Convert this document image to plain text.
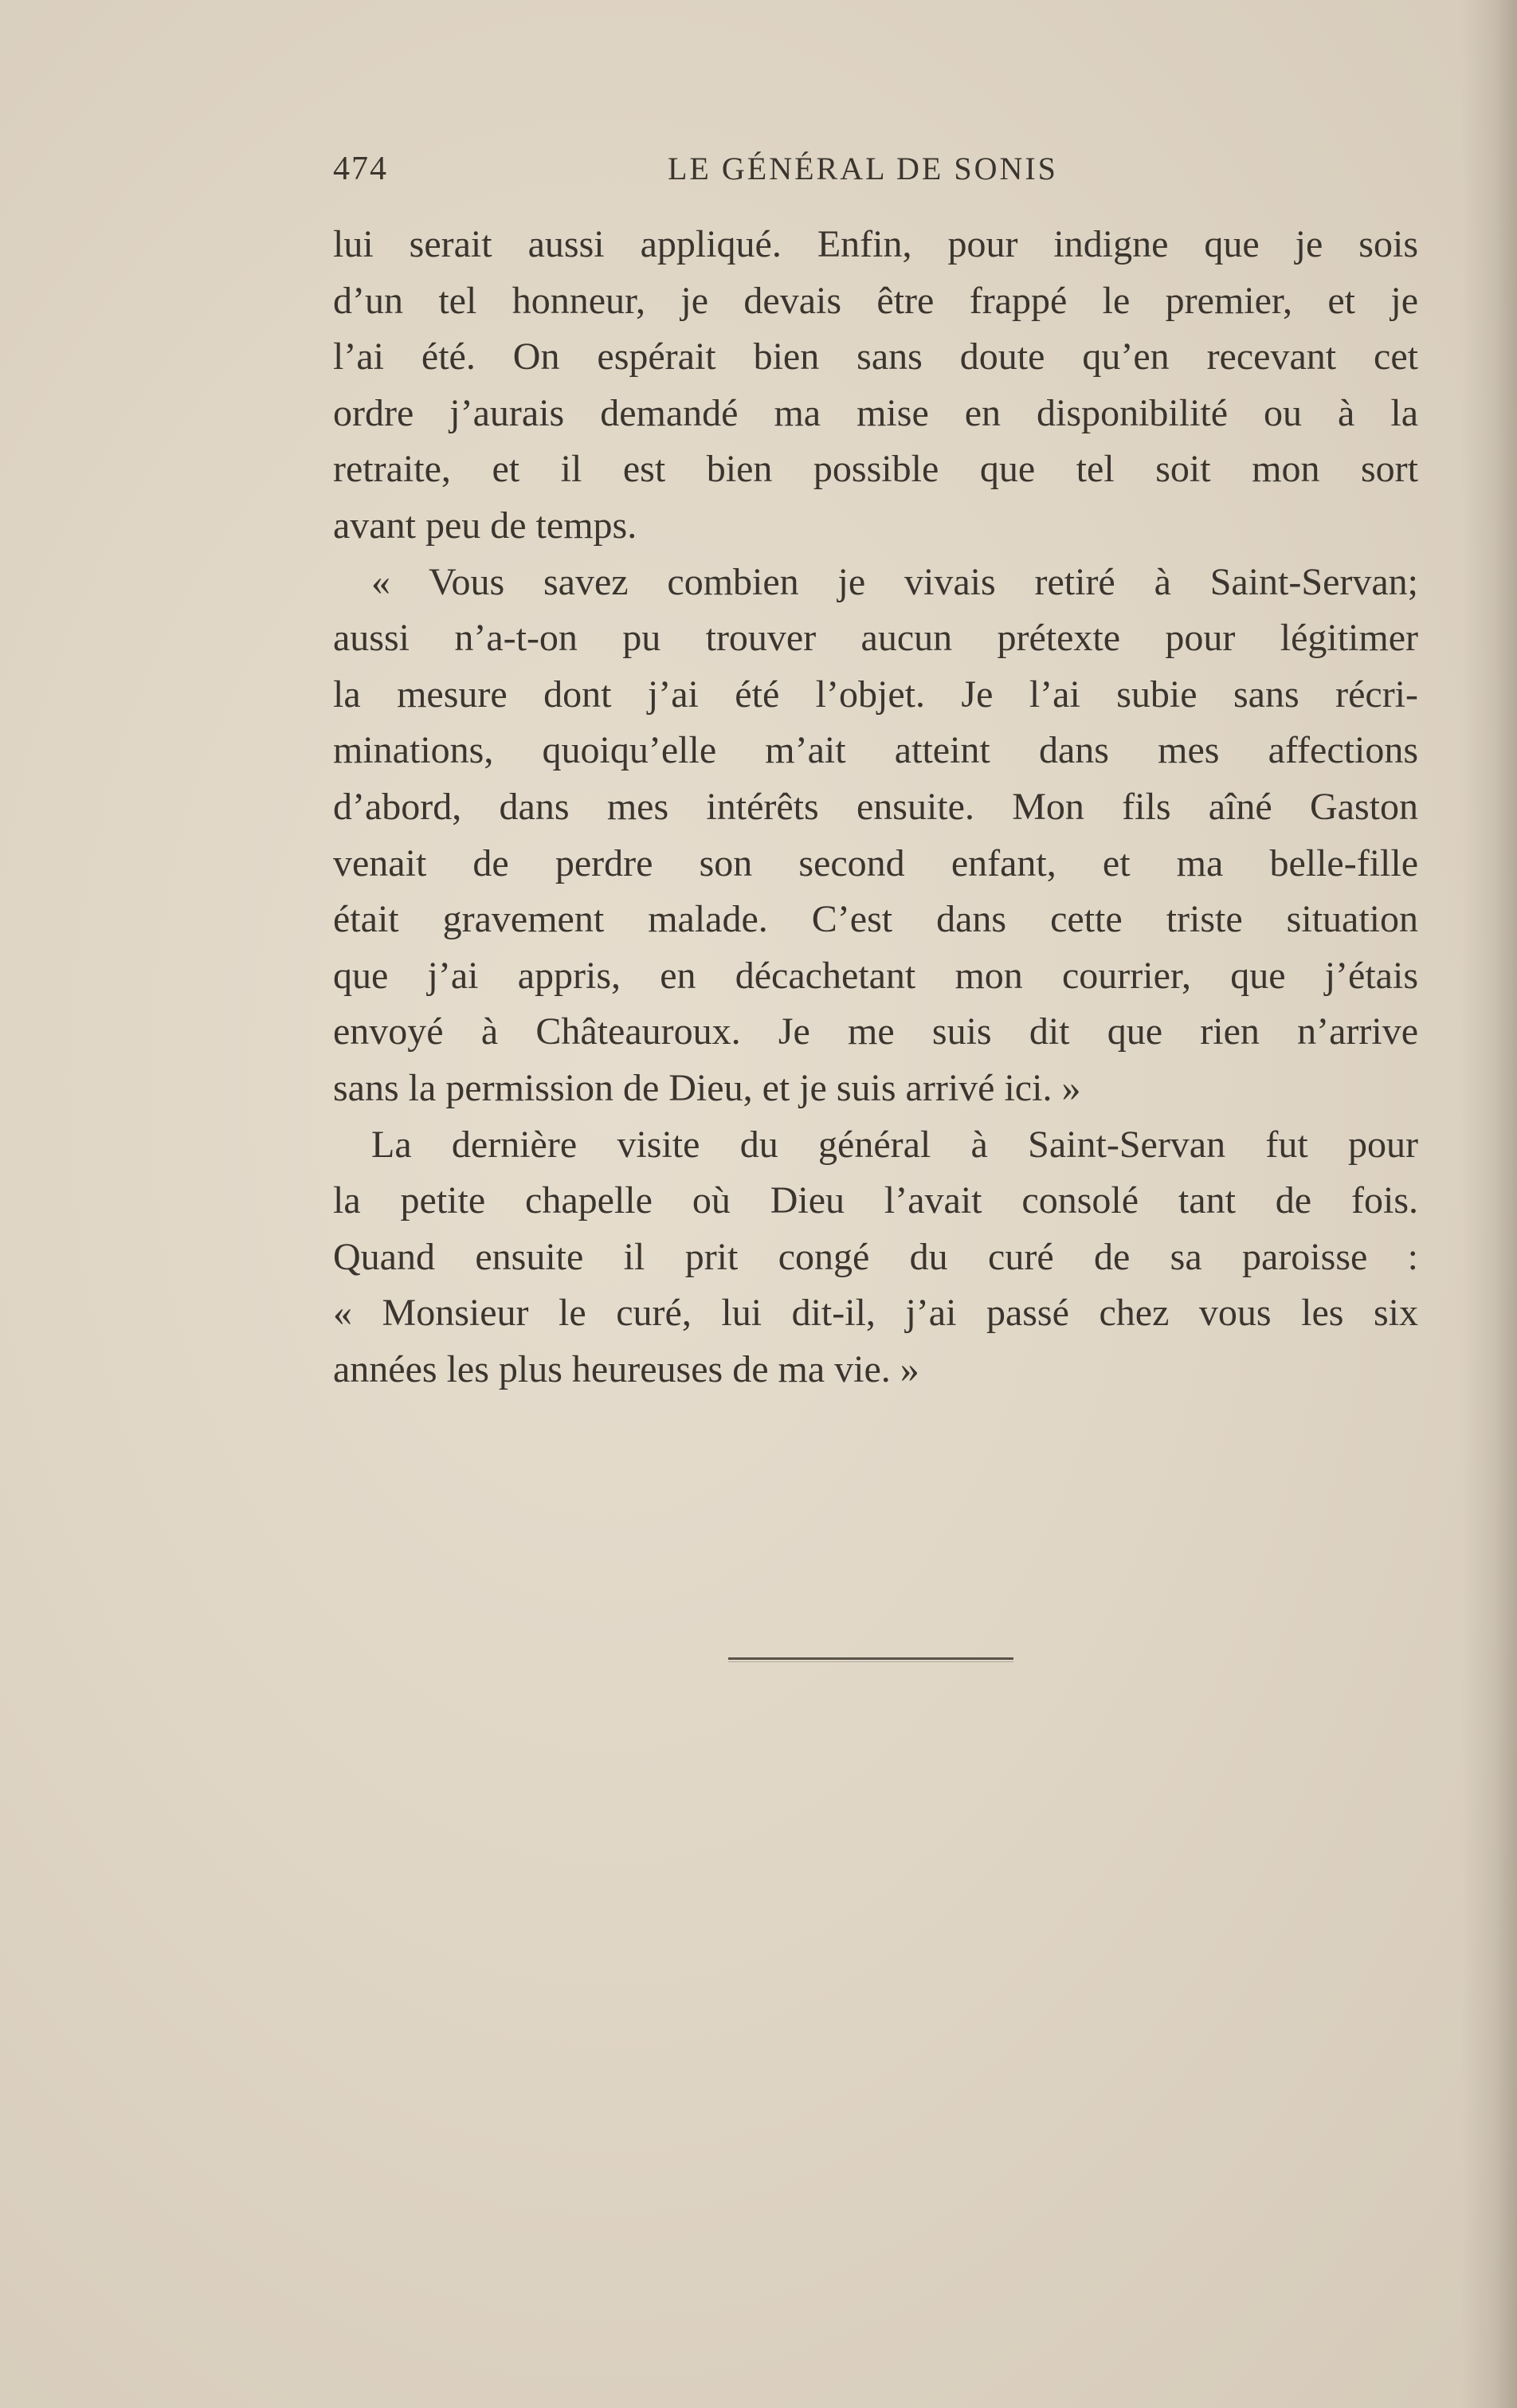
474	LE GÉNÉRAL DE SONIS
lui serait aussi appliqué. Enfin, pour indigne que je sois
d’un tel honneur, je devais être frappé le premier, et je
l’ai été. On espérait bien sans doute qu’en recevant cet
ordre j’aurais demandé ma mise en disponibilité ou à la
retraite, et il est bien possible que tel soit mon sort
avant peu de temps.
« Vous savez combien je vivais retiré à Saint-Servan;
aussi n’a-t-on pu trouver aucun prétexte pour légitimer
la mesure dont j’ai été l’objet. Je l’ai subie sans récri-
minations, quoiqu’elle m’ait atteint dans mes affections
d’abord, dans mes intérêts ensuite. Mon fils aîné Gaston
venait de perdre son second enfant, et ma belle-fille
était gravement malade. C’est dans cette triste situation
que j’ai appris, en décachetant mon courrier, que j’étais
envoyé à Châteauroux. Je me suis dit que rien n’arrive
sans la permission de Dieu, et je suis arrivé ici. »
La dernière visite du général à Saint-Servan fut pour
la petite chapelle où Dieu l’avait consolé tant de fois.
Quand ensuite il prit congé du curé de sa paroisse :
« Monsieur le curé, lui dit-il, j’ai passé chez vous les six
années les plus heureuses de ma vie. »
